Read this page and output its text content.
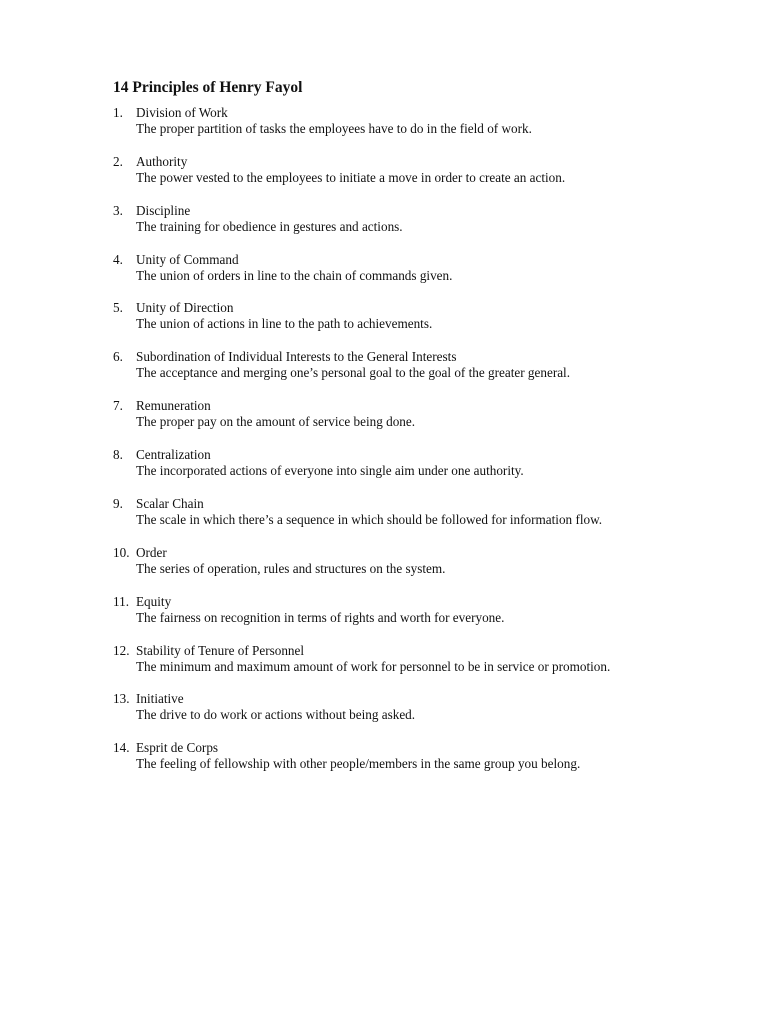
14 Principles of Henry Fayol
1. Division of Work
The proper partition of tasks the employees have to do in the field of work.
2. Authority
The power vested to the employees to initiate a move in order to create an action.
3. Discipline
The training for obedience in gestures and actions.
4. Unity of Command
The union of orders in line to the chain of commands given.
5. Unity of Direction
The union of actions in line to the path to achievements.
6. Subordination of Individual Interests to the General Interests
The acceptance and merging one’s personal goal to the goal of the greater general.
7. Remuneration
The proper pay on the amount of service being done.
8. Centralization
The incorporated actions of everyone into single aim under one authority.
9. Scalar Chain
The scale in which there’s a sequence in which should be followed for information flow.
10. Order
The series of operation, rules and structures on the system.
11. Equity
The fairness on recognition in terms of rights and worth for everyone.
12. Stability of Tenure of Personnel
The minimum and maximum amount of work for personnel to be in service or promotion.
13. Initiative
The drive to do work or actions without being asked.
14. Esprit de Corps
The feeling of fellowship with other people/members in the same group you belong.
